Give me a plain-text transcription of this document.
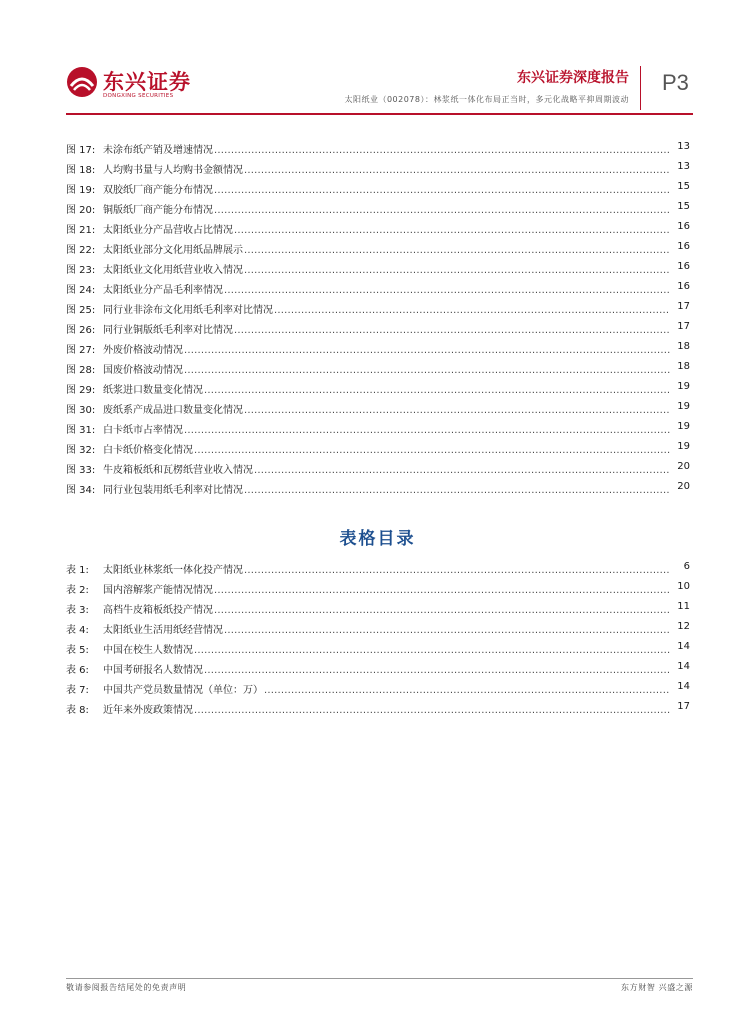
东兴证券
DONGXING SECURITIES
东兴证券深度报告
太阳纸业（002078）：林浆纸一体化布局正当时，多元化战略平抑周期波动
P3
图 17: 未涂布纸产销及增速情况 .....	13
图 18: 人均购书量与人均购书金额情况 .....	13
图 19: 双胶纸厂商产能分布情况 .....	15
图 20: 铜版纸厂商产能分布情况 .....	15
图 21: 太阳纸业分产品营收占比情况 .....	16
图 22: 太阳纸业部分文化用纸品牌展示 .....	16
图 23: 太阳纸业文化用纸营业收入情况 .....	16
图 24: 太阳纸业分产品毛利率情况 .....	16
图 25: 同行业非涂布文化用纸毛利率对比情况 .....	17
图 26: 同行业铜版纸毛利率对比情况 .....	17
图 27: 外废价格波动情况 .....	18
图 28: 国废价格波动情况 .....	18
图 29: 纸浆进口数量变化情况 .....	19
图 30: 废纸系产成品进口数量变化情况 .....	19
图 31: 白卡纸市占率情况 .....	19
图 32: 白卡纸价格变化情况 .....	19
图 33: 牛皮箱板纸和瓦楞纸营业收入情况 .....	20
图 34: 同行业包装用纸毛利率对比情况 .....	20
表格目录
表 1: 太阳纸业林浆纸一体化投产情况 .....	6
表 2: 国内溶解浆产能情况情况 .....	10
表 3: 高档牛皮箱板纸投产情况 .....	11
表 4: 太阳纸业生活用纸经营情况 .....	12
表 5: 中国在校生人数情况 .....	14
表 6: 中国考研报名人数情况 .....	14
表 7: 中国共产党员数量情况（单位：万） .....	14
表 8: 近年来外废政策情况 .....	17
敬请参阅报告结尾处的免责声明	东方财智 兴盛之源
